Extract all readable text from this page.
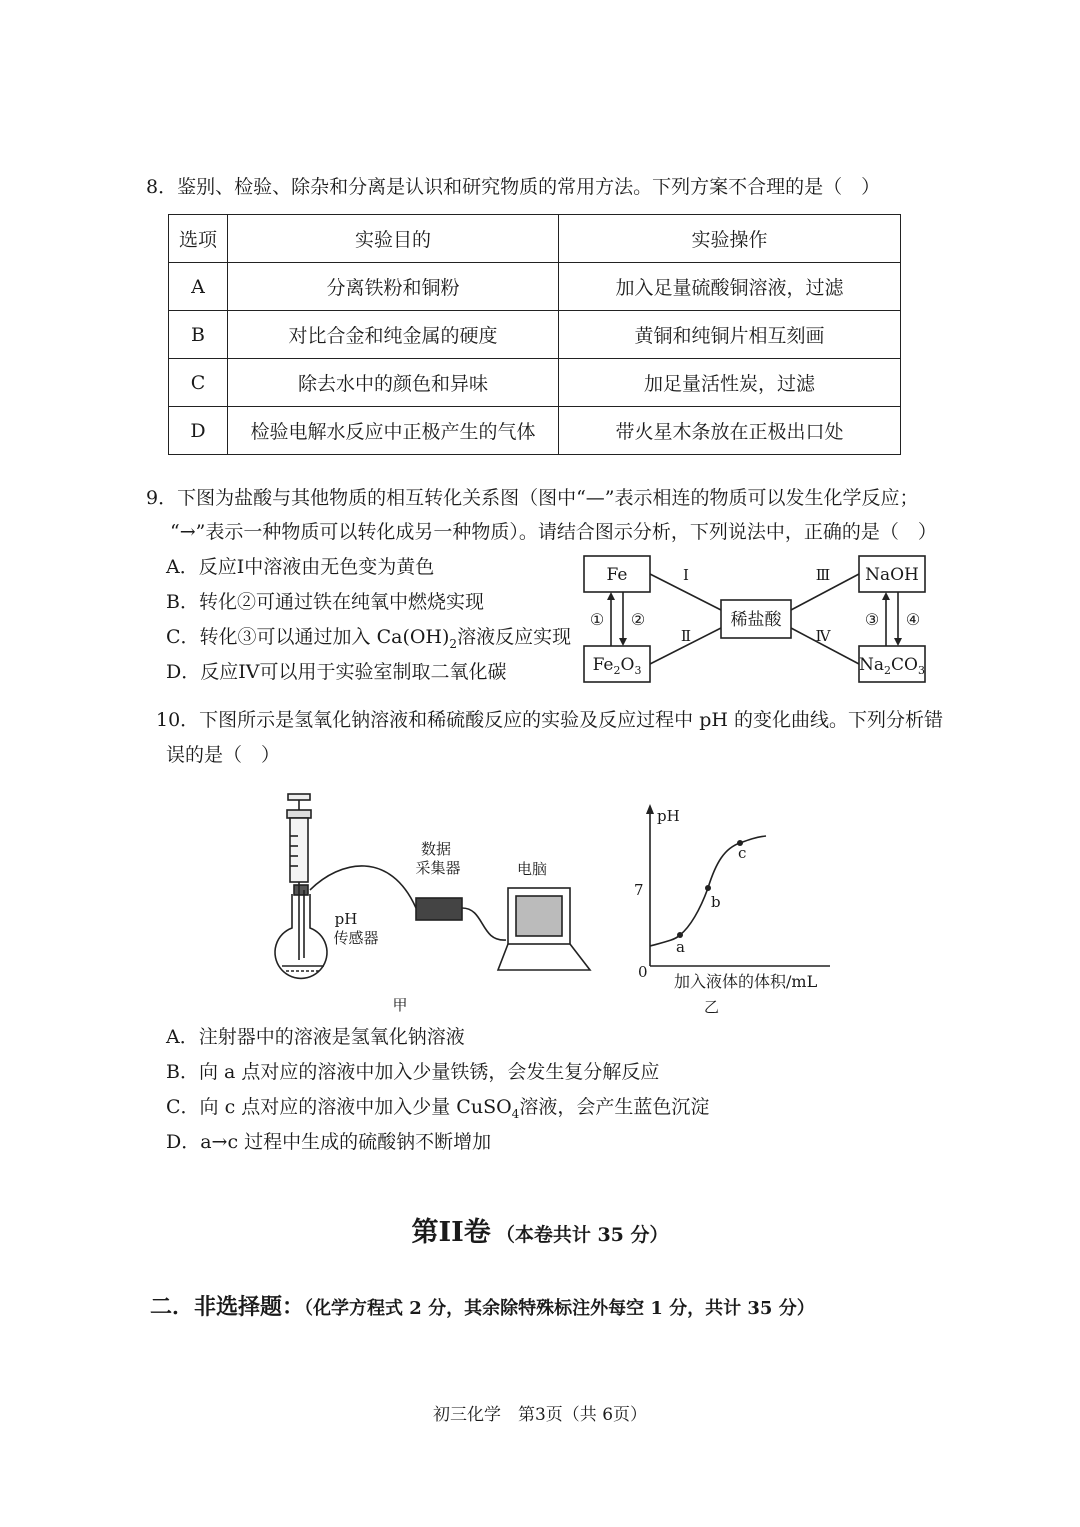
8．鉴别、检验、除杂和分离是认识和研究物质的常用方法。下列方案不合理的是（　）
选项	实验目的	实验操作
A	分离铁粉和铜粉	加入足量硫酸铜溶液，过滤
B	对比合金和纯金属的硬度	黄铜和纯铜片相互刻画
C	除去水中的颜色和异味	加足量活性炭，过滤
D	检验电解水反应中正极产生的气体	带火星木条放在正极出口处
9．下图为盐酸与其他物质的相互转化关系图（图中“—”表示相连的物质可以发生化学反应；
“→”表示一种物质可以转化成另一种物质）。请结合图示分析，下列说法中，正确的是（　）
A．反应I中溶液由无色变为黄色
B．转化②可通过铁在纯氧中燃烧实现
C．转化③可以通过加入 $Ca(OH)_2$溶液反应实现
D．反应IV可以用于实验室制取二氧化碳
Fe
$Fe_2O_3$
稀盐酸
NaOH
$Na_2CO_3$
I
Ⅱ
Ⅲ
Ⅳ
① ②	③ ④
10．下图所示是氢氧化钠溶液和稀硫酸反应的实验及反应过程中 pH 的变化曲线。下列分析错
误的是（　）
pH
传感器
数据
采集器	电脑
甲
pH
7
0
a
b
c
加入液体的体积/mL
乙
A．注射器中的溶液是氢氧化钠溶液
B．向 a 点对应的溶液中加入少量铁锈，会发生复分解反应
C．向 c 点对应的溶液中加入少量 CuSO$_4$溶液，会产生蓝色沉淀
D．a→c 过程中生成的硫酸钠不断增加
第II卷 （本卷共计 35 分）
二．非选择题：（化学方程式 2 分，其余除特殊标注外每空 1 分，共计 35 分）
初三化学　第3页（共 6页）
